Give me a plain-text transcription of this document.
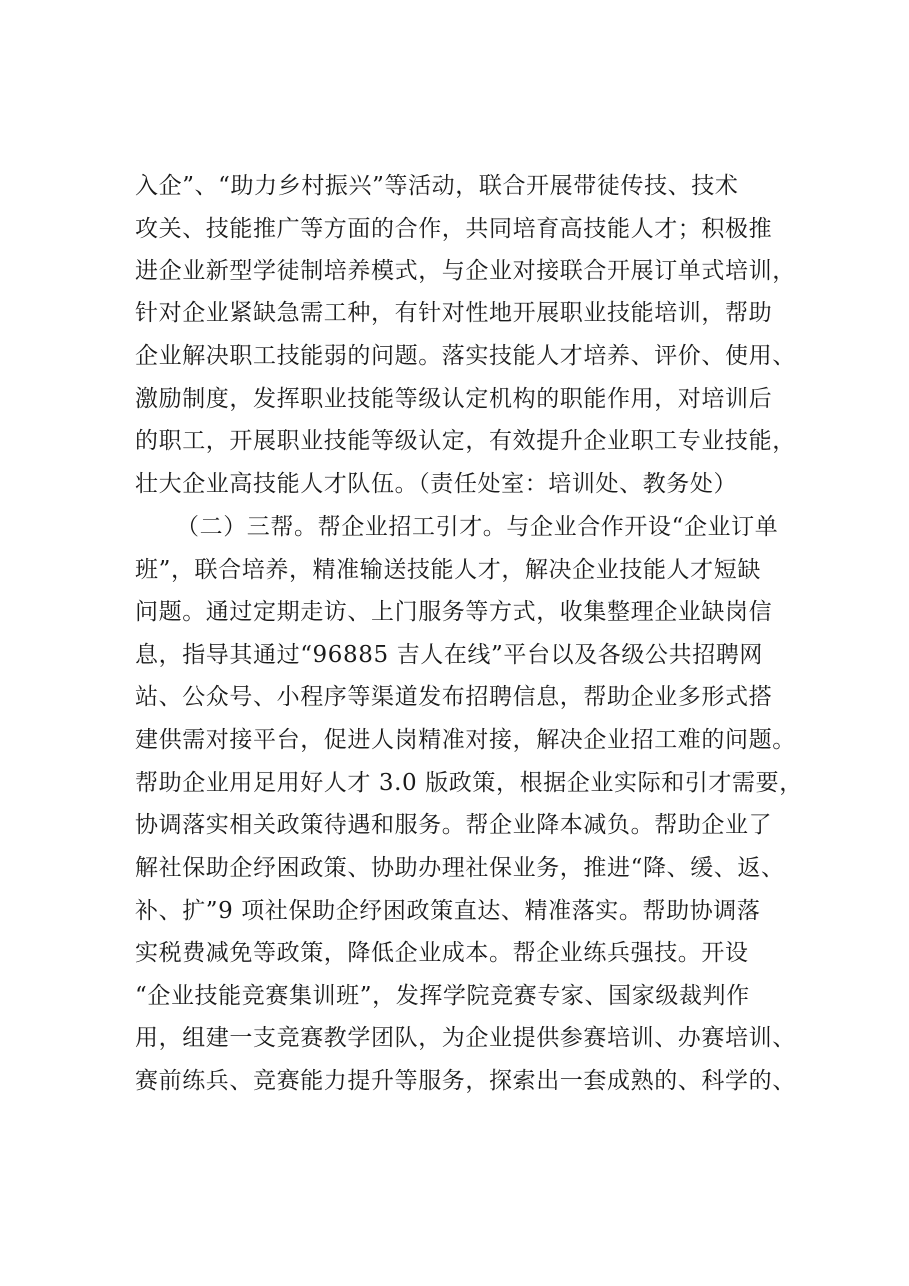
入企”、“助力乡村振兴”等活动，联合开展带徒传技、技术
攻关、技能推广等方面的合作，共同培育高技能人才；积极推
进企业新型学徒制培养模式，与企业对接联合开展订单式培训，
针对企业紧缺急需工种，有针对性地开展职业技能培训，帮助
企业解决职工技能弱的问题。落实技能人才培养、评价、使用、
激励制度，发挥职业技能等级认定机构的职能作用，对培训后
的职工，开展职业技能等级认定，有效提升企业职工专业技能，
壮大企业高技能人才队伍。（责任处室：培训处、教务处）
（二）三帮。帮企业招工引才。与企业合作开设“企业订单
班”，联合培养，精准输送技能人才，解决企业技能人才短缺
问题。通过定期走访、上门服务等方式，收集整理企业缺岗信
息，指导其通过“96885 吉人在线”平台以及各级公共招聘网
站、公众号、小程序等渠道发布招聘信息，帮助企业多形式搭
建供需对接平台，促进人岗精准对接，解决企业招工难的问题。
帮助企业用足用好人才 3.0 版政策，根据企业实际和引才需要，
协调落实相关政策待遇和服务。帮企业降本减负。帮助企业了
解社保助企纾困政策、协助办理社保业务，推进“降、缓、返、
补、扩”9 项社保助企纾困政策直达、精准落实。帮助协调落
实税费减免等政策，降低企业成本。帮企业练兵强技。开设
“企业技能竞赛集训班”，发挥学院竞赛专家、国家级裁判作
用，组建一支竞赛教学团队，为企业提供参赛培训、办赛培训、
赛前练兵、竞赛能力提升等服务，探索出一套成熟的、科学的、
